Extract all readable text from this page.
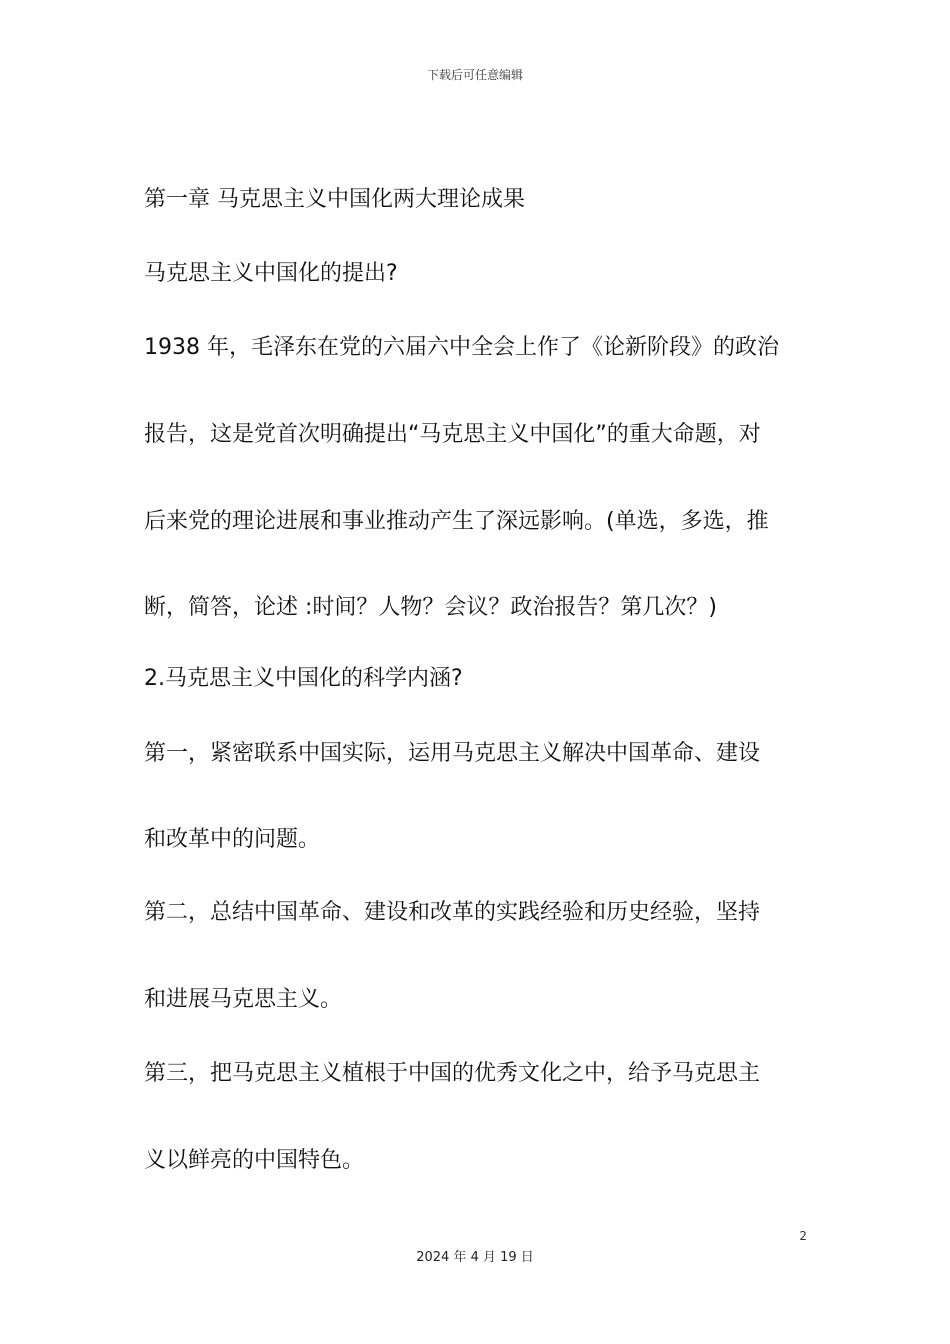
下载后可任意编辑
第一章 马克思主义中国化两大理论成果
马克思主义中国化的提出?
1938 年，毛泽东在党的六届六中全会上作了《论新阶段》的政治
报告，这是党首次明确提出“马克思主义中国化”的重大命题，对
后来党的理论进展和事业推动产生了深远影响。(单选，多选，推
断，简答，论述 :时间？人物？会议？政治报告？第几次？)
2.马克思主义中国化的科学内涵?
第一，紧密联系中国实际，运用马克思主义解决中国革命、建设
和改革中的问题。
第二，总结中国革命、建设和改革的实践经验和历史经验，坚持
和进展马克思主义。
第三，把马克思主义植根于中国的优秀文化之中，给予马克思主
义以鲜亮的中国特色。
2
2024 年 4 月 19 日
